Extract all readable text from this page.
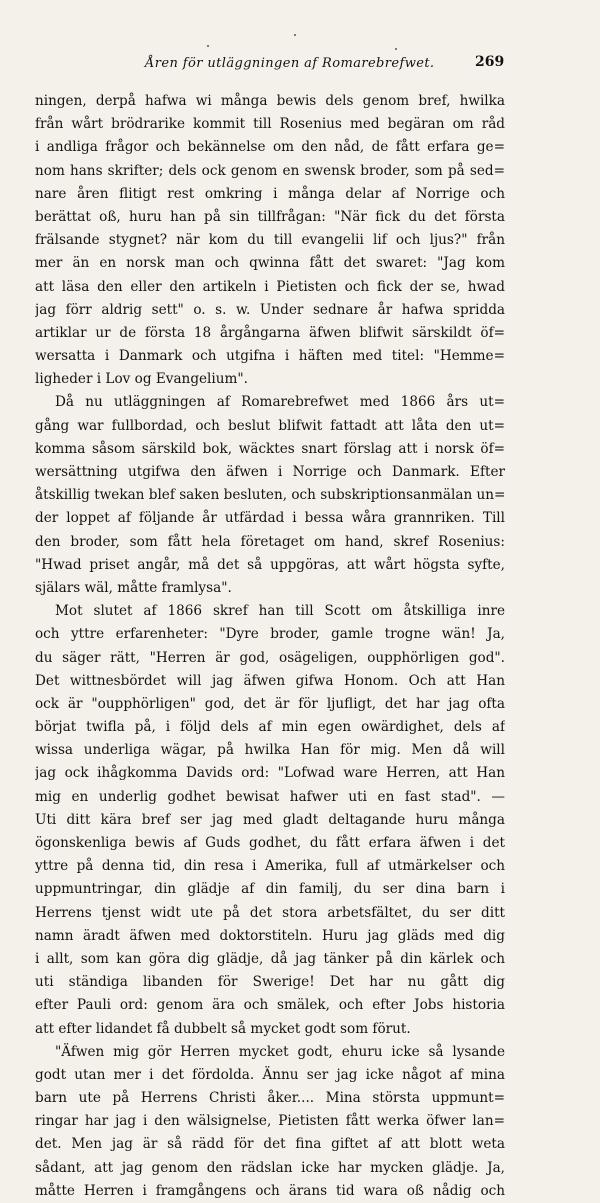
Åren för utläggningen af Romarebrefwet.	269
ningen, derpå hafwa wi många bewis dels genom bref, hwilka
från wårt brödrarike kommit till Rosenius med begäran om råd
i andliga frågor och bekännelse om den nåd, de fått erfara ge=
nom hans skrifter; dels ock genom en swensk broder, som på sed=
nare åren flitigt rest omkring i många delar af Norrige och
berättat oß, huru han på sin tillfrågan: "När fick du det första
frälsande stygnet? när kom du till evangelii lif och ljus?" från
mer än en norsk man och qwinna fått det swaret: "Jag kom
att läsa den eller den artikeln i Pietisten och fick der se, hwad
jag förr aldrig sett" o. s. w. Under sednare år hafwa spridda
artiklar ur de första 18 årgångarna äfwen blifwit särskildt öf=
wersatta i Danmark och utgifna i häften med titel: "Hemme=
ligheder i Lov og Evangelium".
Då nu utläggningen af Romarebrefwet med 1866 års ut=
gång war fullbordad, och beslut blifwit fattadt att låta den ut=
komma såsom särskild bok, wäcktes snart förslag att i norsk öf=
wersättning utgifwa den äfwen i Norrige och Danmark. Efter
åtskillig twekan blef saken besluten, och subskriptionsanmälan un=
der loppet af följande år utfärdad i bessa wåra grannriken. Till
den broder, som fått hela företaget om hand, skref Rosenius:
"Hwad priset angår, må det så uppgöras, att wårt högsta syfte,
själars wäl, måtte framlysa".
Mot slutet af 1866 skref han till Scott om åtskilliga inre
och yttre erfarenheter: "Dyre broder, gamle trogne wän! Ja,
du säger rätt, "Herren är god, osägeligen, oupphörligen god".
Det wittnesbördet will jag äfwen gifwa Honom. Och att Han
ock är "oupphörligen" god, det är för ljufligt, det har jag ofta
börjat twifla på, i följd dels af min egen owärdighet, dels af
wissa underliga wägar, på hwilka Han för mig. Men då will
jag ock ihågkomma Davids ord: "Lofwad ware Herren, att Han
mig en underlig godhet bewisat hafwer uti en fast stad". —
Uti ditt kära bref ser jag med gladt deltagande huru många
ögonskenliga bewis af Guds godhet, du fått erfara äfwen i det
yttre på denna tid, din resa i Amerika, full af utmärkelser och
uppmuntringar, din glädje af din familj, du ser dina barn i
Herrens tjenst widt ute på det stora arbetsfältet, du ser ditt
namn äradt äfwen med doktorstiteln. Huru jag gläds med dig
i allt, som kan göra dig glädje, då jag tänker på din kärlek och
uti ständiga libanden för Swerige! Det har nu gått dig
efter Pauli ord: genom ära och smälek, och efter Jobs historia
att efter lidandet få dubbelt så mycket godt som förut.
"Äfwen mig gör Herren mycket godt, ehuru icke så lysande
godt utan mer i det fördolda. Ännu ser jag icke något af mina
barn ute på Herrens Christi åker.... Mina största uppmunt=
ringar har jag i den wälsignelse, Pietisten fått werka öfwer lan=
det. Men jag är så rädd för det fina giftet af att blott weta
sådant, att jag genom den rädslan icke har mycken glädje. Ja,
måtte Herren i framgångens och ärans tid wara oß nådig och
